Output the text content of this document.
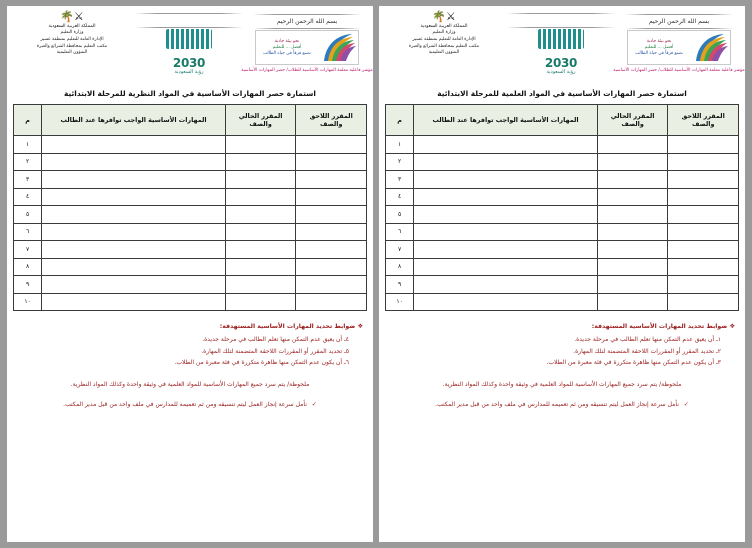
بسم الله الرحمن الرحيم
نحو بيئة جاذبة
أفضل ... للتعليم
نصنع فرقاً في حياة الطالب
مؤشر فاعلية معلمة المهارات الأساسية للطلاب/ حصر المهارات الأساسية
2030
رؤية السعودية
⚔🌴
المملكة العربية السعودية
وزارة التعليم
الإدارة العامة للتعليم بمنطقة عسير
مكتب التعليم بمحافظة الشرائع والعبرة
الشؤون التعليمية
استمارة حصر المهارات الأساسية في المواد العلمية للمرحلة الابتدائية
المقرر اللاحق والصف	المقرر الحالي والصف	المهارات الأساسية الواجب توافرها عند الطالب	م
			١
			٢
			٣
			٤
			٥
			٦
			٧
			٨
			٩
			١٠
❖ ضوابط تحديد المهارات الأساسية المستهدفة:
١ـ أن يعيق عدم التمكن منها تعلم الطالب في مرحلة جديدة.
٢ـ تحديد المقرر أو المقررات اللاحقة المتضمنة لتلك المهارة.
٣ـ أن يكون عدم التمكن منها ظاهرة متكررة في فئة معبرة من الطلاب.
ملحوظة/ يتم سرد جميع المهارات الأساسية للمواد العلمية في وثيقة واحدة وكذلك المواد النظرية.
✓ نأمل سرعة إنجاز العمل ليتم تنسيقه ومن ثم تعميمه للمدارس في ملف واحد من قبل مدير المكتب.
بسم الله الرحمن الرحيم
نحو بيئة جاذبة
أفضل ... للتعليم
نصنع فرقاً في حياة الطالب
مؤشر فاعلية معلمة المهارات الأساسية للطلاب/ حصر المهارات الأساسية
2030
رؤية السعودية
⚔🌴
المملكة العربية السعودية
وزارة التعليم
الإدارة العامة للتعليم بمنطقة عسير
مكتب التعليم بمحافظة الشرائع والعبرة
الشؤون التعليمية
استمارة حصر المهارات الأساسية في المواد النظرية للمرحلة الابتدائية
المقرر اللاحق والصف	المقرر الحالي والصف	المهارات الأساسية الواجب توافرها عند الطالب	م
			١
			٢
			٣
			٤
			٥
			٦
			٧
			٨
			٩
			١٠
❖ ضوابط تحديد المهارات الأساسية المستهدفة:
٤ـ أن يعيق عدم التمكن منها تعلم الطالب في مرحلة جديدة.
٥ـ تحديد المقرر أو المقررات اللاحقة المتضمنة لتلك المهارة.
٦ـ أن يكون عدم التمكن منها ظاهرة متكررة في فئة معبرة من الطلاب.
ملحوظة/ يتم سرد جميع المهارات الأساسية للمواد العلمية في وثيقة واحدة وكذلك المواد النظرية.
✓ نأمل سرعة إنجاز العمل ليتم تنسيقه ومن ثم تعميمه للمدارس في ملف واحد من قبل مدير المكتب.
